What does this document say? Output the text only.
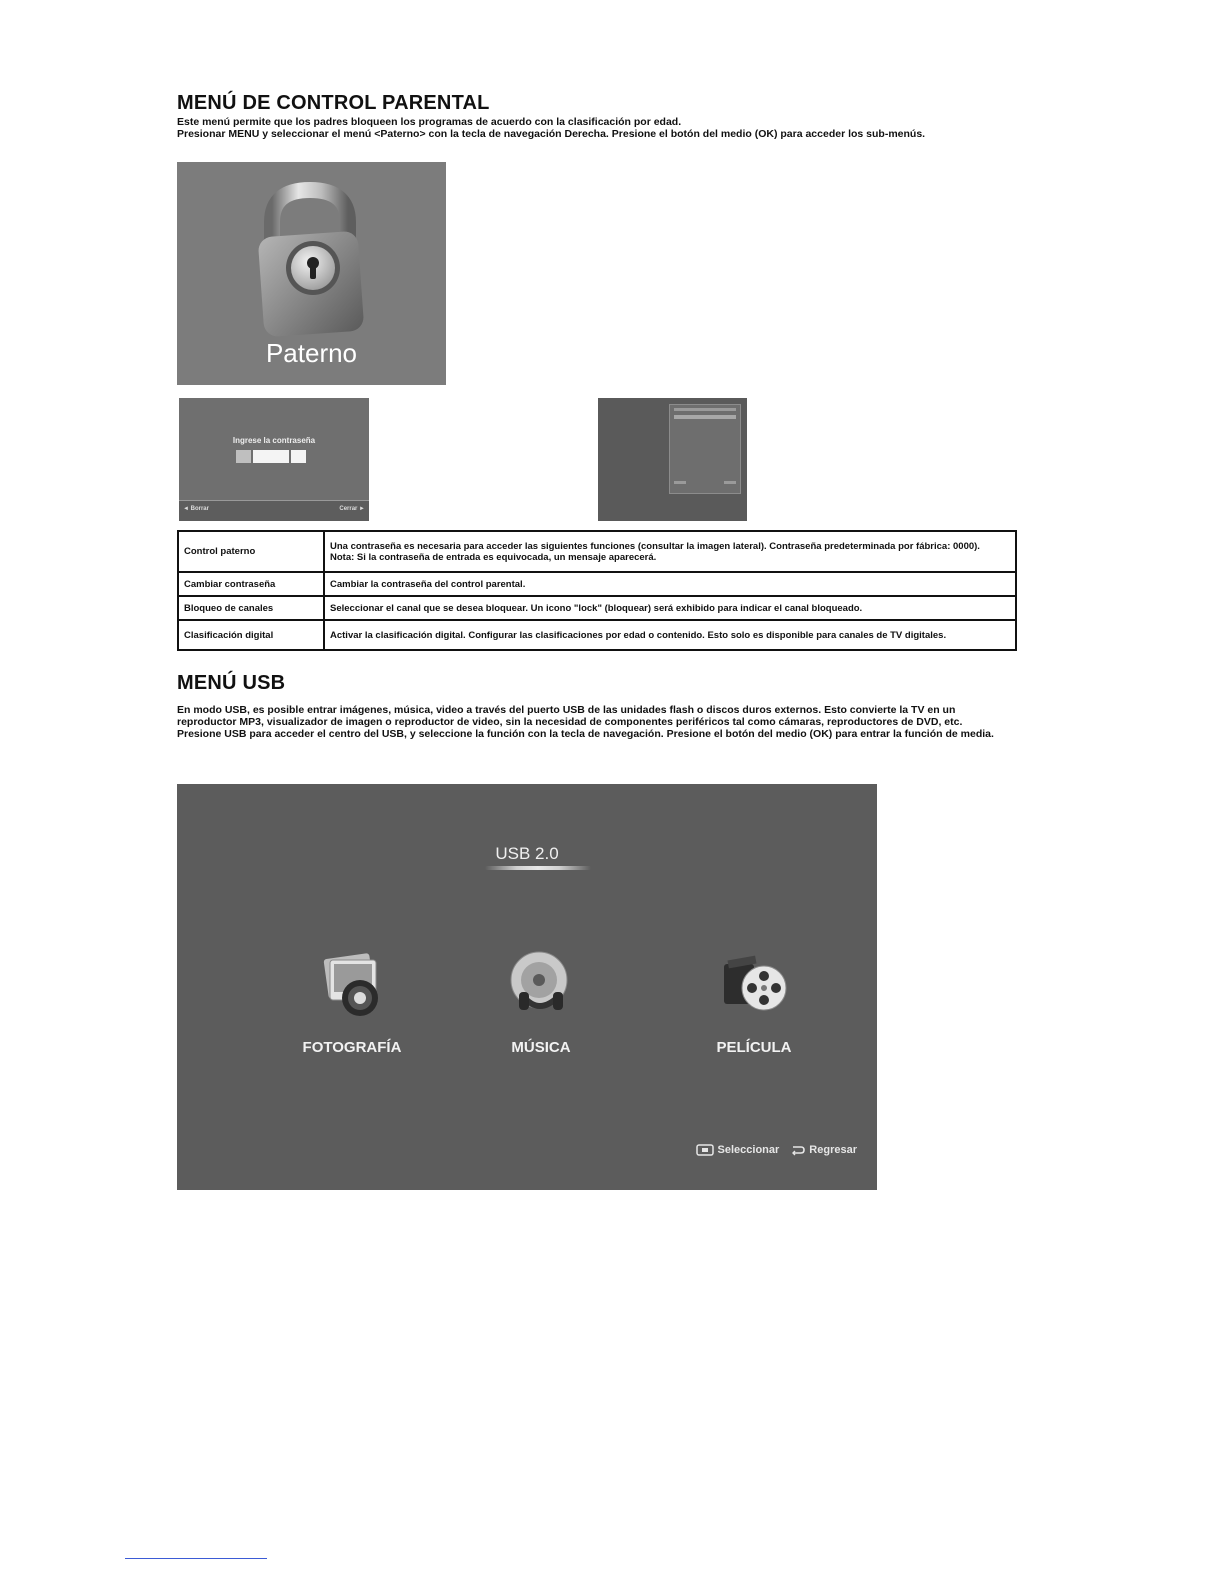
MENÚ DE CONTROL PARENTAL

Este menú permite que los padres bloqueen los programas de acuerdo con la clasificación por edad.

Presionar MENU y seleccionar el menú <Paterno> con la tecla de navegación Derecha. Presione el botón del medio (OK) para acceder los sub-menús.

Paterno
Ingrese la contraseña
◄ Borrar	Cerrar ►
Control paterno	Una contraseña es necesaria para acceder las siguientes funciones (consultar la imagen lateral). Contraseña predeterminada por fábrica: 0000).

Nota: Si la contraseña de entrada es equivocada, un mensaje aparecerá.

Cambiar contraseña	Cambiar la contraseña del control parental.
Bloqueo de canales	Seleccionar el canal que se desea bloquear. Un icono "lock" (bloquear) será exhibido para indicar el canal bloqueado.
Clasificación digital	Activar la clasificación digital. Configurar las clasificaciones por edad o contenido. Esto solo es disponible para canales de TV digitales.
MENÚ USB

En modo USB, es posible entrar imágenes, música, video a través del puerto USB de las unidades flash o discos duros externos. Esto convierte la TV en un reproductor MP3, visualizador de imagen o reproductor de video, sin la necesidad de componentes periféricos tal como cámaras, reproductores de DVD, etc.

Presione USB para acceder el centro del USB, y seleccione la función con la tecla de navegación. Presione el botón del medio (OK) para entrar la función de media.

USB 2.0
FOTOGRAFÍA	MÚSICA	PELÍCULA
Seleccionar	Regresar
